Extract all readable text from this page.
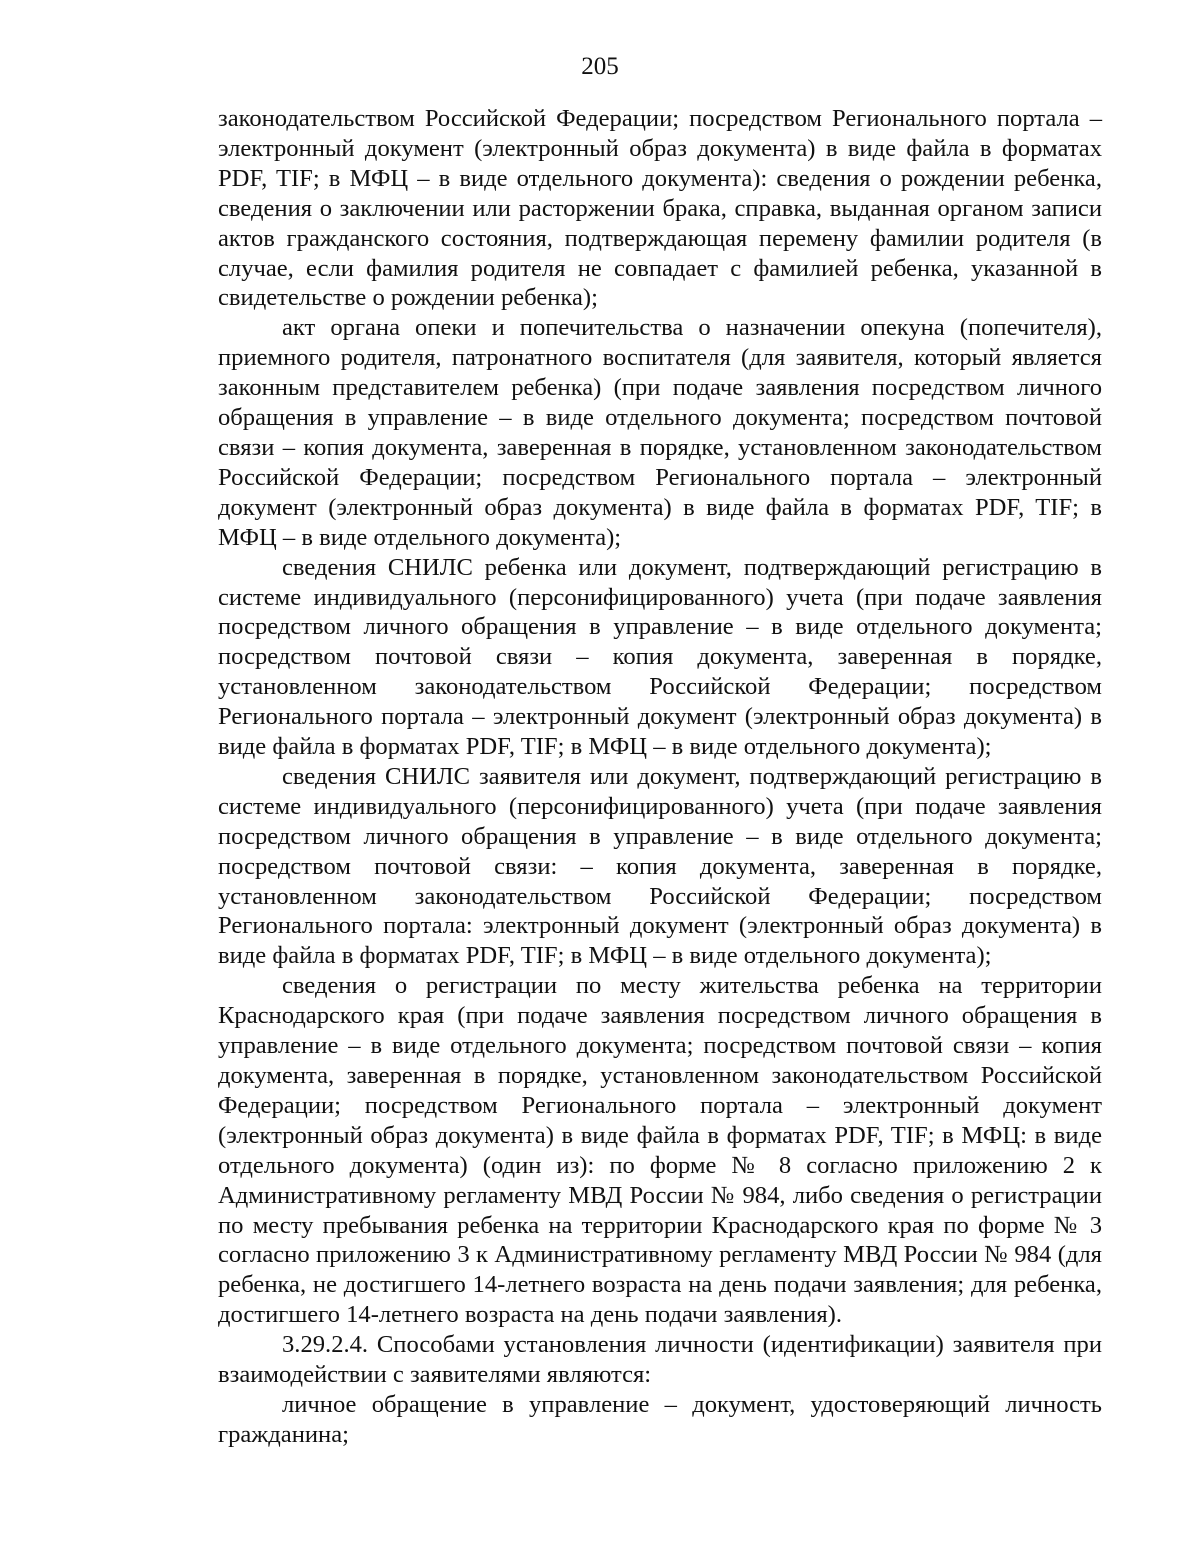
205

законодательством Российской Федерации; посредством Регионального портала – электронный документ (электронный образ документа) в виде файла в форматах PDF, TIF; в МФЦ – в виде отдельного документа): сведения о рождении ребенка, сведения о заключении или расторжении брака, справка, выданная органом записи актов гражданского состояния, подтверждающая перемену фамилии родителя (в случае, если фамилия родителя не совпадает с фамилией ребенка, указанной в свидетельстве о рождении ребенка);

акт органа опеки и попечительства о назначении опекуна (попечителя), приемного родителя, патронатного воспитателя (для заявителя, который является законным представителем ребенка) (при подаче заявления посредством личного обращения в управление – в виде отдельного документа; посредством почтовой связи – копия документа, заверенная в порядке, установленном законодательством Российской Федерации; посредством Регионального портала – электронный документ (электронный образ документа) в виде файла в форматах PDF, TIF; в МФЦ – в виде отдельного документа);

сведения СНИЛС ребенка или документ, подтверждающий регистрацию в системе индивидуального (персонифицированного) учета (при подаче заявления посредством личного обращения в управление – в виде отдельного документа; посредством почтовой связи – копия документа, заверенная в порядке, установленном законодательством Российской Федерации; посредством Регионального портала – электронный документ (электронный образ документа) в виде файла в форматах PDF, TIF; в МФЦ – в виде отдельного документа);

сведения СНИЛС заявителя или документ, подтверждающий регистрацию в системе индивидуального (персонифицированного) учета (при подаче заявления посредством личного обращения в управление – в виде отдельного документа; посредством почтовой связи: – копия документа, заверенная в порядке, установленном законодательством Российской Федерации; посредством Регионального портала: электронный документ (электронный образ документа) в виде файла в форматах PDF, TIF; в МФЦ – в виде отдельного документа);

сведения о регистрации по месту жительства ребенка на территории Краснодарского края (при подаче заявления посредством личного обращения в управление – в виде отдельного документа; посредством почтовой связи – копия документа, заверенная в порядке, установленном законодательством Российской Федерации; посредством Регионального портала – электронный документ (электронный образ документа) в виде файла в форматах PDF, TIF; в МФЦ: в виде отдельного документа) (один из): по форме № 8 согласно приложению 2 к Административному регламенту МВД России № 984, либо сведения о регистрации по месту пребывания ребенка на территории Краснодарского края по форме № 3 согласно приложению 3 к Административному регламенту МВД России № 984 (для ребенка, не достигшего 14-летнего возраста на день подачи заявления; для ребенка, достигшего 14-летнего возраста на день подачи заявления).

3.29.2.4. Способами установления личности (идентификации) заявителя при взаимодействии с заявителями являются:

личное обращение в управление – документ, удостоверяющий личность гражданина;
